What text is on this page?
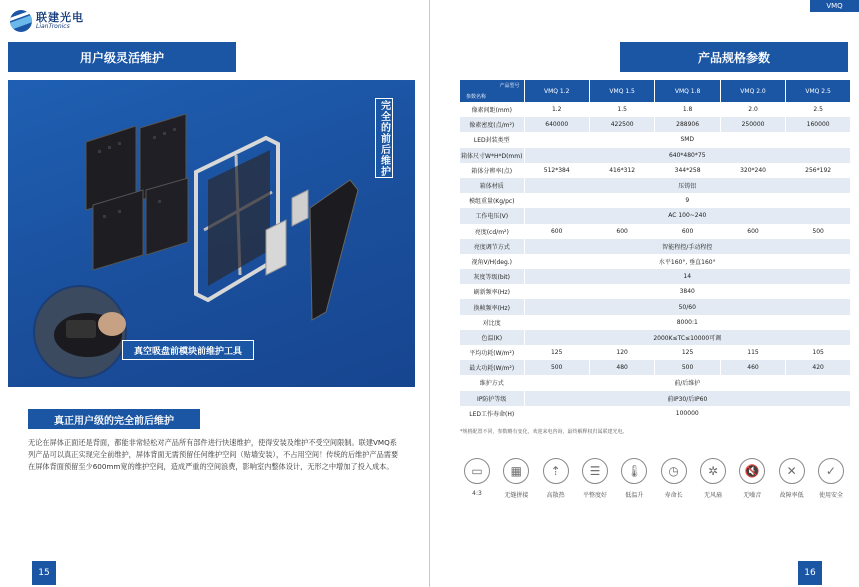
联建光电
LianTronics
用户级灵活维护
完全的前后维护
真空吸盘前模块前维护工具
真正用户级的完全前后维护

无论在屏体正面还是背面，都能非常轻松对产品所有部件进行快速维护，使得安装及维护不受空间限制。联建VMQ系列产品可以真正实现完全前维护，屏体背面无需预留任何维护空间（贴墙安装），不占用空间！传统的后维护产品需要在屏体背面预留至少600mm宽的维护空间，造成严重的空间浪费，影响室内整体设计，无形之中增加了投入成本。

15
VMQ
产品规格参数
产品型号
参数名称	VMQ 1.2	VMQ 1.5	VMQ 1.8	VMQ 2.0	VMQ 2.5
像素间距(mm)	1.2	1.5	1.8	2.0	2.5
像素密度(点/m²)	640000	422500	288906	250000	160000
LED封装类型	SMD				
箱体尺寸W*H*D(mm)	640*480*75				
箱体分辨率(点)	512*384	416*312	344*258	320*240	256*192
箱体材质	压铸铝				
模组重量(Kg/pc)	9				
工作电压(V)	AC 100~240				
亮度(cd/m²)	600	600	600	600	500
亮度调节方式	智能程控/手动程控				
视角V/H(deg.)	水平160°, 垂直160°				
灰度等级(bit)	14				
刷新频率(Hz)	3840				
换帧频率(Hz)	50/60				
对比度	8000:1				
色温(K)	2000K≤TC≤10000可调				
平均功耗(W/m²)	125	120	125	115	105
最大功耗(W/m²)	500	480	500	460	420
维护方式	前/后维护				
IP防护等级	前IP30/后IP60				
LED工作寿命(H)	100000				
*规格配置不同，参数略有变化，欢迎来电咨询，最终解释权归属联建光电。
▭
4:3
▦
无缝拼接
⇡
高散热
☰
平整度好
🌡
低温升
◷
寿命长
✲
无风扇
🔇
无噪音
✕
故障率低
✓
使用安全
16
